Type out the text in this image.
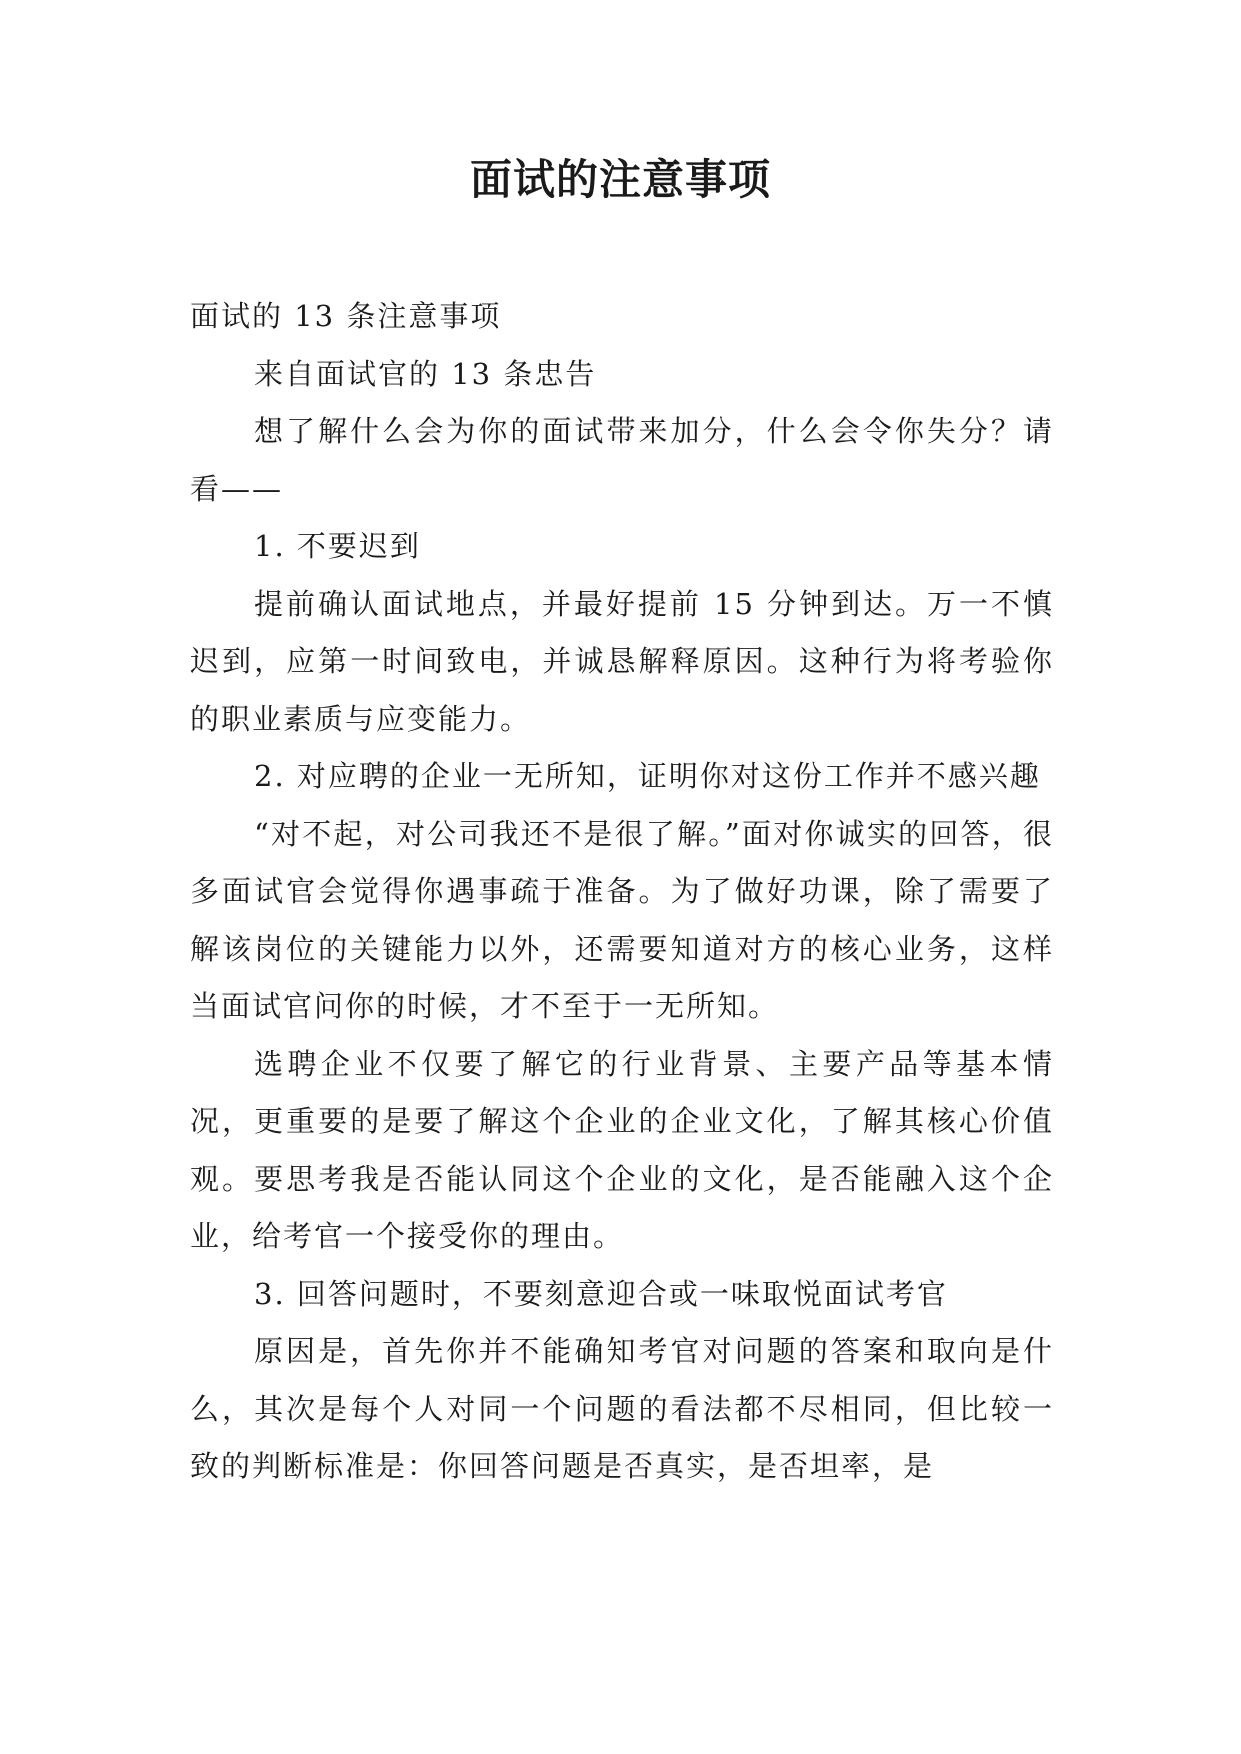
面试的注意事项

面试的 13 条注意事项

来自面试官的 13 条忠告

想了解什么会为你的面试带来加分，什么会令你失分？请看——

1. 不要迟到

提前确认面试地点，并最好提前 15 分钟到达。万一不慎迟到，应第一时间致电，并诚恳解释原因。这种行为将考验你的职业素质与应变能力。

2. 对应聘的企业一无所知，证明你对这份工作并不感兴趣

“对不起，对公司我还不是很了解。”面对你诚实的回答，很多面试官会觉得你遇事疏于准备。为了做好功课，除了需要了解该岗位的关键能力以外，还需要知道对方的核心业务，这样当面试官问你的时候，才不至于一无所知。

选聘企业不仅要了解它的行业背景、主要产品等基本情况，更重要的是要了解这个企业的企业文化，了解其核心价值观。要思考我是否能认同这个企业的文化，是否能融入这个企业，给考官一个接受你的理由。

3. 回答问题时，不要刻意迎合或一味取悦面试考官

原因是，首先你并不能确知考官对问题的答案和取向是什么，其次是每个人对同一个问题的看法都不尽相同，但比较一致的判断标准是：你回答问题是否真实，是否坦率，是
